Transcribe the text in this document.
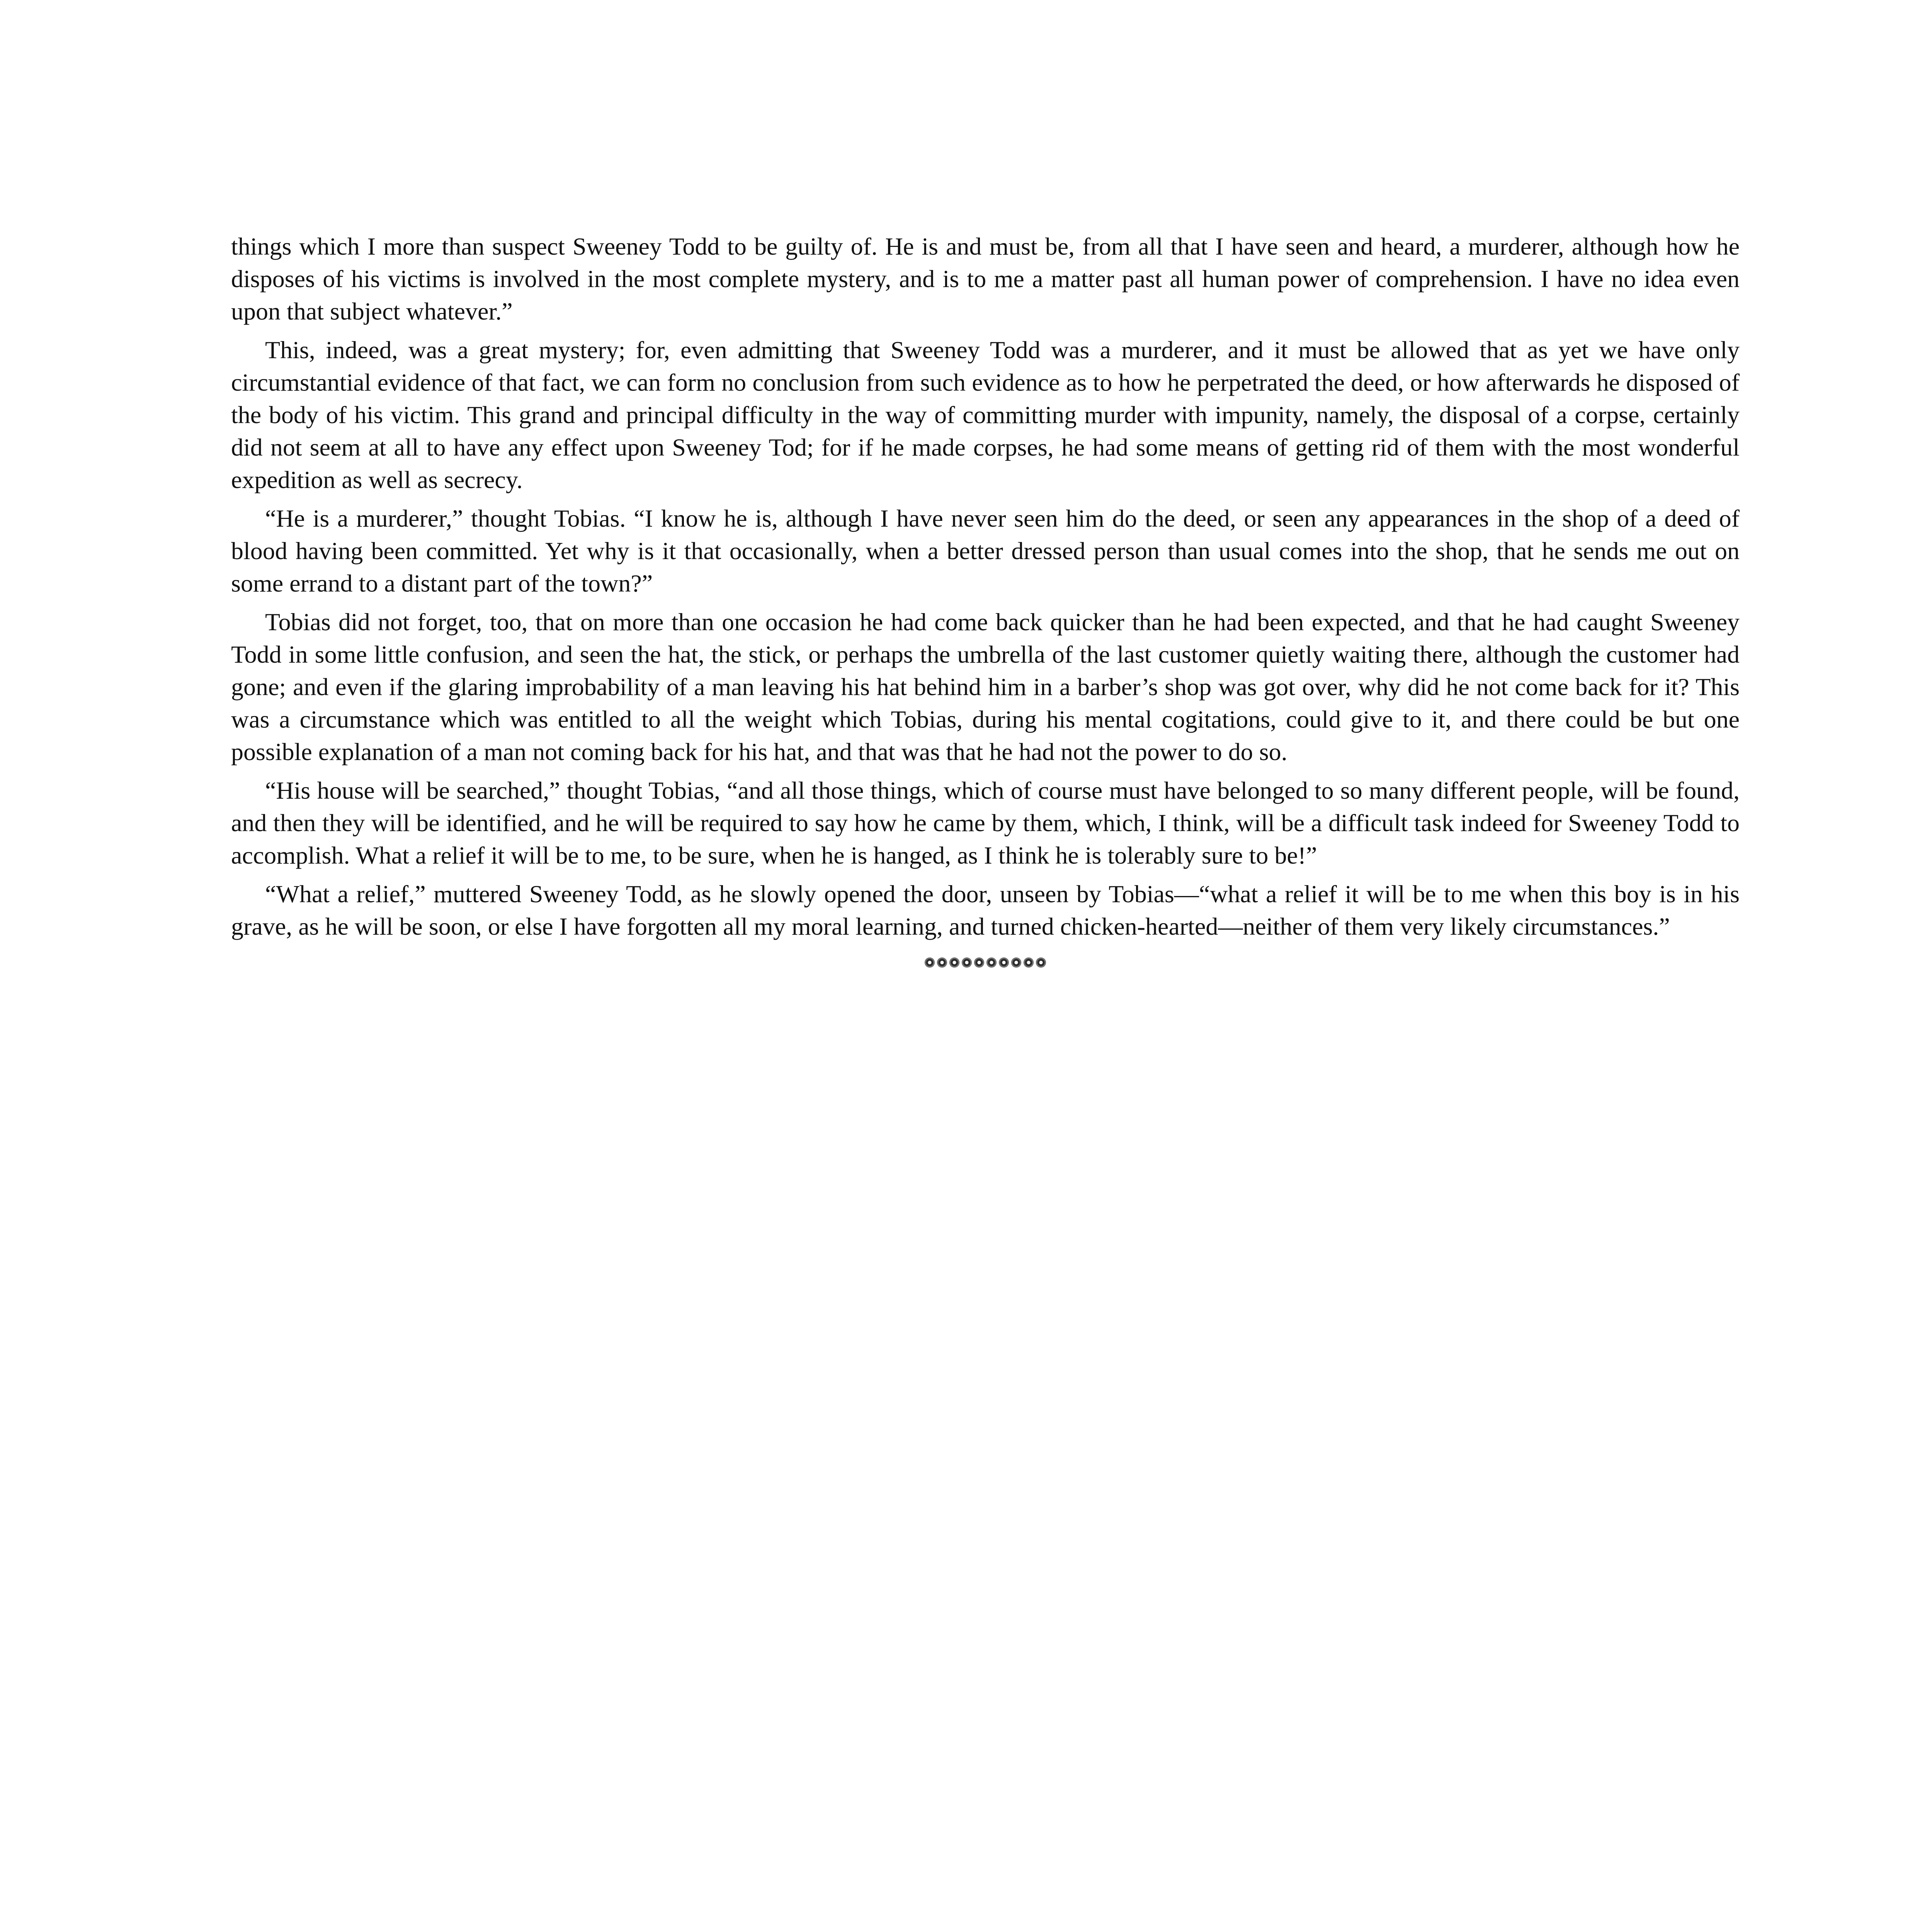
things which I more than suspect Sweeney Todd to be guilty of. He is and must be, from all that I have seen and heard, a murderer, although how he disposes of his victims is involved in the most complete mystery, and is to me a matter past all human power of comprehension. I have no idea even upon that subject whatever.”

This, indeed, was a great mystery; for, even admitting that Sweeney Todd was a murderer, and it must be allowed that as yet we have only circumstantial evidence of that fact, we can form no conclusion from such evidence as to how he perpetrated the deed, or how afterwards he disposed of the body of his victim. This grand and principal difficulty in the way of committing murder with impunity, namely, the disposal of a corpse, certainly did not seem at all to have any effect upon Sweeney Tod; for if he made corpses, he had some means of getting rid of them with the most wonderful expedition as well as secrecy.

“He is a murderer,” thought Tobias. “I know he is, although I have never seen him do the deed, or seen any appearances in the shop of a deed of blood having been committed. Yet why is it that occasionally, when a better dressed person than usual comes into the shop, that he sends me out on some errand to a distant part of the town?”

Tobias did not forget, too, that on more than one occasion he had come back quicker than he had been expected, and that he had caught Sweeney Todd in some little confusion, and seen the hat, the stick, or perhaps the umbrella of the last customer quietly waiting there, although the customer had gone; and even if the glaring improbability of a man leaving his hat behind him in a barber’s shop was got over, why did he not come back for it? This was a circumstance which was entitled to all the weight which Tobias, during his mental cogitations, could give to it, and there could be but one possible explanation of a man not coming back for his hat, and that was that he had not the power to do so.

“His house will be searched,” thought Tobias, “and all those things, which of course must have belonged to so many different people, will be found, and then they will be identified, and he will be required to say how he came by them, which, I think, will be a difficult task indeed for Sweeney Todd to accomplish. What a relief it will be to me, to be sure, when he is hanged, as I think he is tolerably sure to be!”

“What a relief,” muttered Sweeney Todd, as he slowly opened the door, unseen by Tobias—“what a relief it will be to me when this boy is in his grave, as he will be soon, or else I have forgotten all my moral learning, and turned chicken-hearted—neither of them very likely circumstances.”
